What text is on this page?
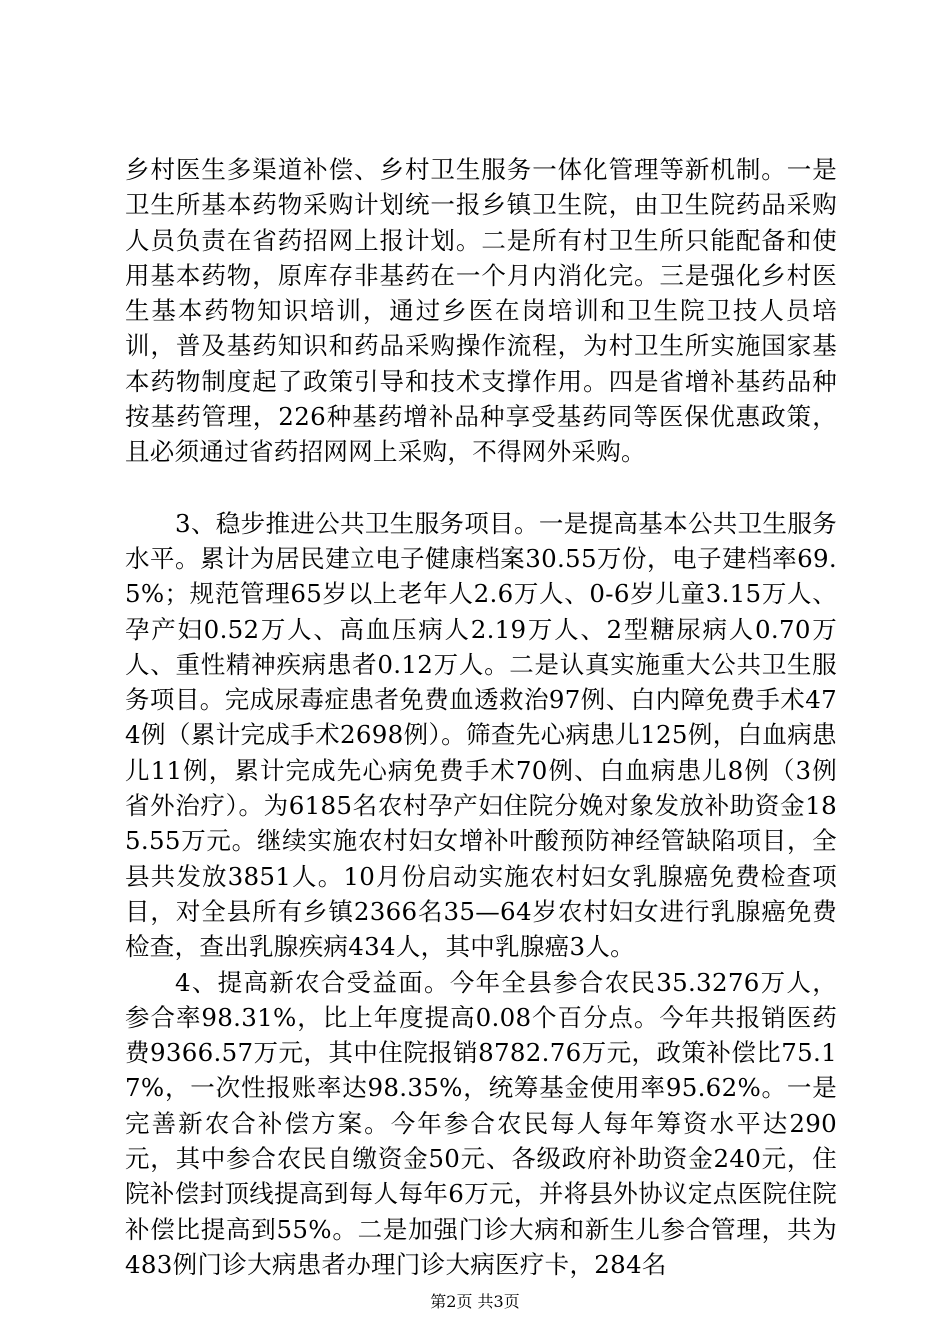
乡村医生多渠道补偿、乡村卫生服务一体化管理等新机制。一是卫生所基本药物采购计划统一报乡镇卫生院，由卫生院药品采购人员负责在省药招网上报计划。二是所有村卫生所只能配备和使用基本药物，原库存非基药在一个月内消化完。三是强化乡村医生基本药物知识培训，通过乡医在岗培训和卫生院卫技人员培训，普及基药知识和药品采购操作流程，为村卫生所实施国家基本药物制度起了政策引导和技术支撑作用。四是省增补基药品种按基药管理，226种基药增补品种享受基药同等医保优惠政策，且必须通过省药招网网上采购，不得网外采购。

3、稳步推进公共卫生服务项目。一是提高基本公共卫生服务水平。累计为居民建立电子健康档案30.55万份，电子建档率69.5%；规范管理65岁以上老年人2.6万人、0-6岁儿童3.15万人、孕产妇0.52万人、高血压病人2.19万人、2型糖尿病人0.70万人、重性精神疾病患者0.12万人。二是认真实施重大公共卫生服务项目。完成尿毒症患者免费血透救治97例、白内障免费手术474例（累计完成手术2698例）。筛查先心病患儿125例，白血病患儿11例，累计完成先心病免费手术70例、白血病患儿8例（3例省外治疗）。为6185名农村孕产妇住院分娩对象发放补助资金185.55万元。继续实施农村妇女增补叶酸预防神经管缺陷项目，全县共发放3851人。10月份启动实施农村妇女乳腺癌免费检查项目，对全县所有乡镇2366名35—64岁农村妇女进行乳腺癌免费检查，查出乳腺疾病434人，其中乳腺癌3人。

4、提高新农合受益面。今年全县参合农民35.3276万人，参合率98.31%，比上年度提高0.08个百分点。今年共报销医药费9366.57万元，其中住院报销8782.76万元，政策补偿比75.17%，一次性报账率达98.35%，统筹基金使用率95.62%。一是完善新农合补偿方案。今年参合农民每人每年筹资水平达290元，其中参合农民自缴资金50元、各级政府补助资金240元，住院补偿封顶线提高到每人每年6万元，并将县外协议定点医院住院补偿比提高到55%。二是加强门诊大病和新生儿参合管理，共为483例门诊大病患者办理门诊大病医疗卡，284名

第2页 共3页
